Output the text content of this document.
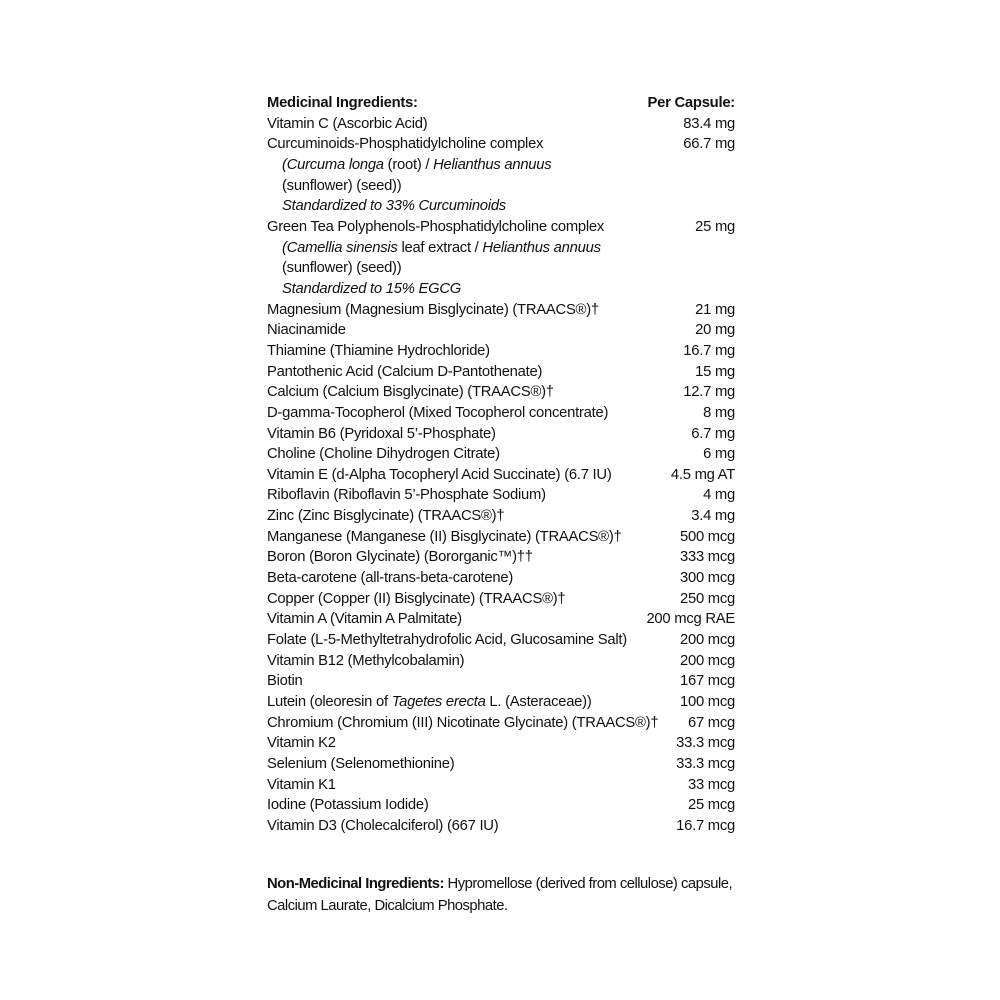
Medicinal Ingredients:	Per Capsule:
Vitamin C (Ascorbic Acid)	83.4 mg
Curcuminoids-Phosphatidylcholine complex	66.7 mg
(Curcuma longa (root) / Helianthus annuus
(sunflower) (seed))
Standardized to 33% Curcuminoids
Green Tea Polyphenols-Phosphatidylcholine complex	25 mg
(Camellia sinensis leaf extract / Helianthus annuus
(sunflower) (seed))
Standardized to 15% EGCG
Magnesium (Magnesium Bisglycinate) (TRAACS®)†	21 mg
Niacinamide	20 mg
Thiamine (Thiamine Hydrochloride)	16.7 mg
Pantothenic Acid (Calcium D-Pantothenate)	15 mg
Calcium (Calcium Bisglycinate) (TRAACS®)†	12.7 mg
D-gamma-Tocopherol (Mixed Tocopherol concentrate)	8 mg
Vitamin B6 (Pyridoxal 5’-Phosphate)	6.7 mg
Choline (Choline Dihydrogen Citrate)	6 mg
Vitamin E (d-Alpha Tocopheryl Acid Succinate) (6.7 IU)	4.5 mg AT
Riboflavin (Riboflavin 5’-Phosphate Sodium)	4 mg
Zinc (Zinc Bisglycinate) (TRAACS®)†	3.4 mg
Manganese (Manganese (II) Bisglycinate) (TRAACS®)†	500 mcg
Boron (Boron Glycinate) (Bororganic™)††	333 mcg
Beta-carotene (all-trans-beta-carotene)	300 mcg
Copper (Copper (II) Bisglycinate) (TRAACS®)†	250 mcg
Vitamin A (Vitamin A Palmitate)	200 mcg RAE
Folate (L-5-Methyltetrahydrofolic Acid, Glucosamine Salt)	200 mcg
Vitamin B12 (Methylcobalamin)	200 mcg
Biotin	167 mcg
Lutein (oleoresin of Tagetes erecta L. (Asteraceae))	100 mcg
Chromium (Chromium (III) Nicotinate Glycinate) (TRAACS®)†	67 mcg
Vitamin K2	33.3 mcg
Selenium (Selenomethionine)	33.3 mcg
Vitamin K1	33 mcg
Iodine (Potassium Iodide)	25 mcg
Vitamin D3 (Cholecalciferol) (667 IU)	16.7 mcg

Non-Medicinal Ingredients: Hypromellose (derived from cellulose) capsule, Calcium Laurate, Dicalcium Phosphate.
